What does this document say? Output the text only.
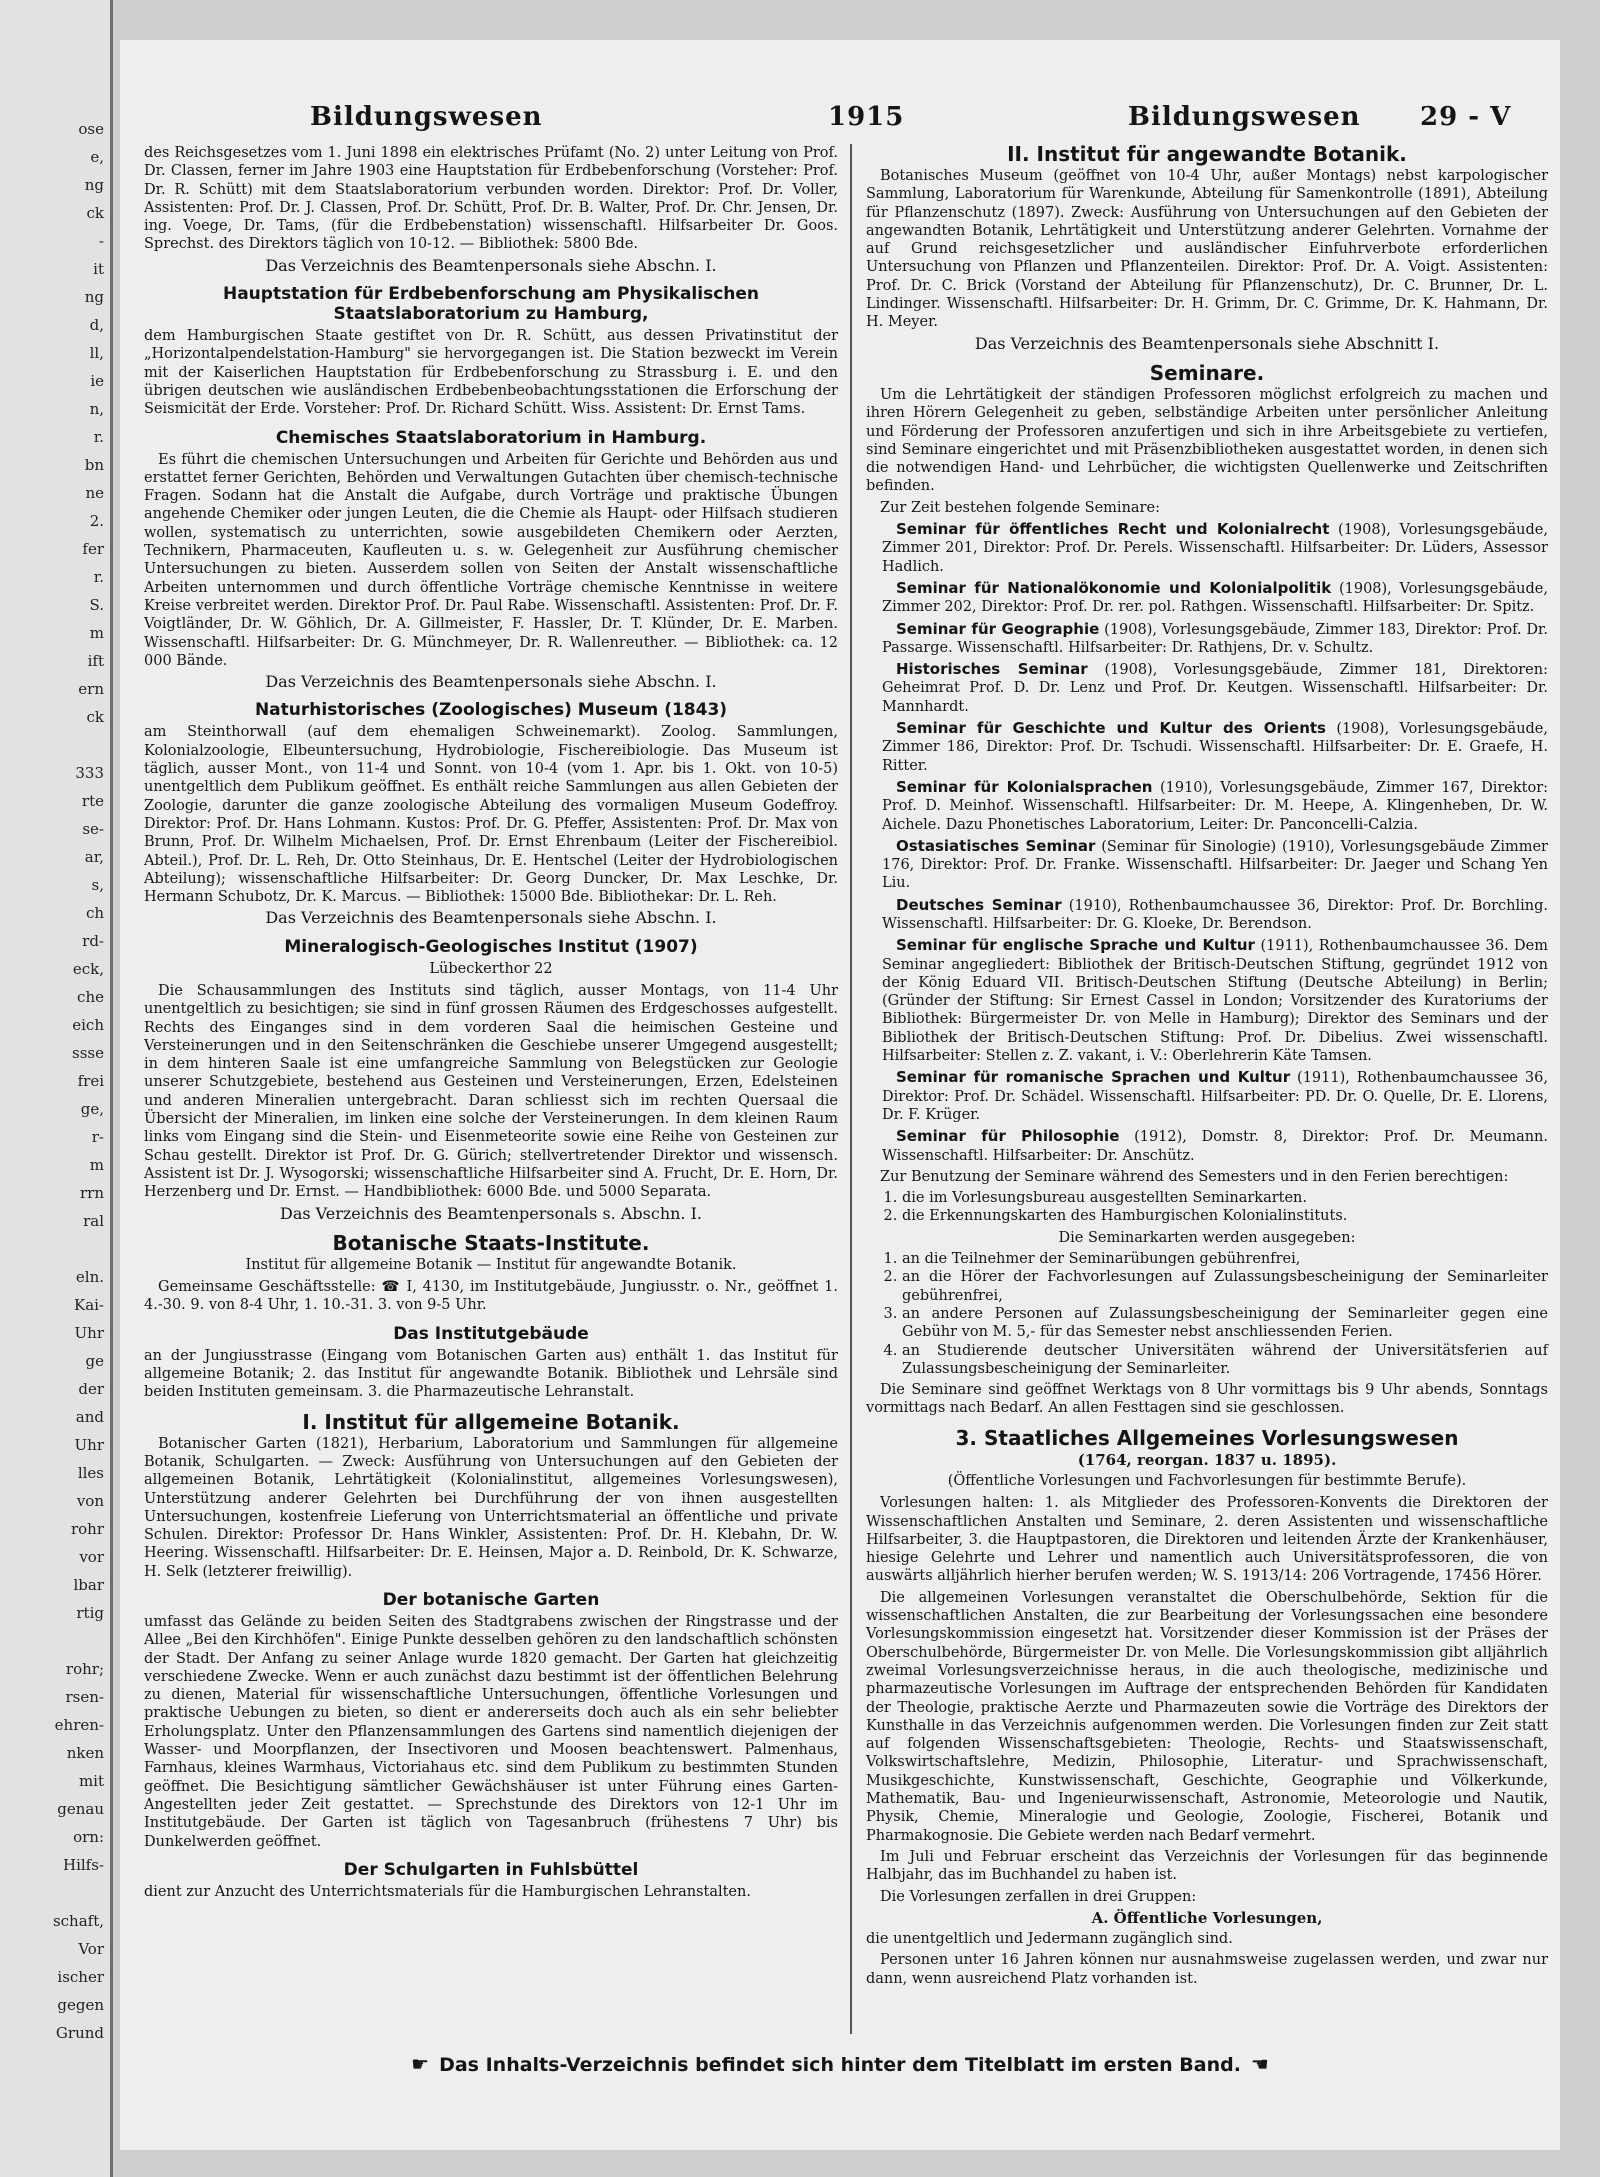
ose
e,
ng
ck
-
it
ng
d,
ll,
ie
n,
r.
bn
ne
2.
fer
r.
S.
m
ift
ern
ck
333
rte
se-
ar,
s,
ch
rd-
eck,
che
eich
ssse
frei
ge,
r-
m
rrn
ral
eln.
Kai-
Uhr
ge
der
and
Uhr
lles
von
rohr
vor
lbar
rtig
rohr;
rsen-
ehren-
nken
mit
genau
orn:
Hilfs-
schaft,
Vor
ischer
gegen
Grund
Bildungswesen	1915	Bildungswesen 29 - V

des Reichsgesetzes vom 1. Juni 1898 ein elektrisches Prüfamt (No. 2) unter Leitung von Prof. Dr. Classen, ferner im Jahre 1903 eine Hauptstation für Erdbebenforschung (Vorsteher: Prof. Dr. R. Schütt) mit dem Staatslaboratorium verbunden worden. Direktor: Prof. Dr. Voller, Assistenten: Prof. Dr. J. Classen, Prof. Dr. Schütt, Prof. Dr. B. Walter, Prof. Dr. Chr. Jensen, Dr. ing. Voege, Dr. Tams, (für die Erdbebenstation) wissenschaftl. Hilfsarbeiter Dr. Goos. Sprechst. des Direktors täglich von 10-12. — Bibliothek: 5800 Bde.

Das Verzeichnis des Beamtenpersonals siehe Abschn. I.

Hauptstation für Erdbebenforschung am Physikalischen Staatslaboratorium zu Hamburg,

dem Hamburgischen Staate gestiftet von Dr. R. Schütt, aus dessen Privatinstitut der „Horizontalpendelstation-Hamburg" sie hervorgegangen ist. Die Station bezweckt im Verein mit der Kaiserlichen Hauptstation für Erdbebenforschung zu Strassburg i. E. und den übrigen deutschen wie ausländischen Erdbebenbeobachtungsstationen die Erforschung der Seismicität der Erde. Vorsteher: Prof. Dr. Richard Schütt. Wiss. Assistent: Dr. Ernst Tams.

Chemisches Staatslaboratorium in Hamburg.

Es führt die chemischen Untersuchungen und Arbeiten für Gerichte und Behörden aus und erstattet ferner Gerichten, Behörden und Verwaltungen Gutachten über chemisch-technische Fragen. Sodann hat die Anstalt die Aufgabe, durch Vorträge und praktische Übungen angehende Chemiker oder jungen Leuten, die die Chemie als Haupt- oder Hilfsach studieren wollen, systematisch zu unterrichten, sowie ausgebildeten Chemikern oder Aerzten, Technikern, Pharmaceuten, Kaufleuten u. s. w. Gelegenheit zur Ausführung chemischer Untersuchungen zu bieten. Ausserdem sollen von Seiten der Anstalt wissenschaftliche Arbeiten unternommen und durch öffentliche Vorträge chemische Kenntnisse in weitere Kreise verbreitet werden. Direktor Prof. Dr. Paul Rabe. Wissenschaftl. Assistenten: Prof. Dr. F. Voigtländer, Dr. W. Göhlich, Dr. A. Gillmeister, F. Hassler, Dr. T. Klünder, Dr. E. Marben. Wissenschaftl. Hilfsarbeiter: Dr. G. Münchmeyer, Dr. R. Wallenreuther. — Bibliothek: ca. 12 000 Bände.

Das Verzeichnis des Beamtenpersonals siehe Abschn. I.

Naturhistorisches (Zoologisches) Museum (1843)

am Steinthorwall (auf dem ehemaligen Schweinemarkt). Zoolog. Sammlungen, Kolonialzoologie, Elbeuntersuchung, Hydrobiologie, Fischereibiologie. Das Museum ist täglich, ausser Mont., von 11-4 und Sonnt. von 10-4 (vom 1. Apr. bis 1. Okt. von 10-5) unentgeltlich dem Publikum geöffnet. Es enthält reiche Sammlungen aus allen Gebieten der Zoologie, darunter die ganze zoologische Abteilung des vormaligen Museum Godeffroy. Direktor: Prof. Dr. Hans Lohmann. Kustos: Prof. Dr. G. Pfeffer, Assistenten: Prof. Dr. Max von Brunn, Prof. Dr. Wilhelm Michaelsen, Prof. Dr. Ernst Ehrenbaum (Leiter der Fischereibiol. Abteil.), Prof. Dr. L. Reh, Dr. Otto Steinhaus, Dr. E. Hentschel (Leiter der Hydrobiologischen Abteilung); wissenschaftliche Hilfsarbeiter: Dr. Georg Duncker, Dr. Max Leschke, Dr. Hermann Schubotz, Dr. K. Marcus. — Bibliothek: 15000 Bde. Bibliothekar: Dr. L. Reh.

Das Verzeichnis des Beamtenpersonals siehe Abschn. I.

Mineralogisch-Geologisches Institut (1907)
Lübeckerthor 22

Die Schausammlungen des Instituts sind täglich, ausser Montags, von 11-4 Uhr unentgeltlich zu besichtigen; sie sind in fünf grossen Räumen des Erdgeschosses aufgestellt. Rechts des Einganges sind in dem vorderen Saal die heimischen Gesteine und Versteinerungen und in den Seitenschränken die Geschiebe unserer Umgegend ausgestellt; in dem hinteren Saale ist eine umfangreiche Sammlung von Belegstücken zur Geologie unserer Schutzgebiete, bestehend aus Gesteinen und Versteinerungen, Erzen, Edelsteinen und anderen Mineralien untergebracht. Daran schliesst sich im rechten Quersaal die Übersicht der Mineralien, im linken eine solche der Versteinerungen. In dem kleinen Raum links vom Eingang sind die Stein- und Eisenmeteorite sowie eine Reihe von Gesteinen zur Schau gestellt. Direktor ist Prof. Dr. G. Gürich; stellvertretender Direktor und wissensch. Assistent ist Dr. J. Wysogorski; wissenschaftliche Hilfsarbeiter sind A. Frucht, Dr. E. Horn, Dr. Herzenberg und Dr. Ernst. — Handbibliothek: 6000 Bde. und 5000 Separata.

Das Verzeichnis des Beamtenpersonals s. Abschn. I.

Botanische Staats-Institute.
Institut für allgemeine Botanik — Institut für angewandte Botanik.

Gemeinsame Geschäftsstelle: ☎ I, 4130, im Institutgebäude, Jungiusstr. o. Nr., geöffnet 1. 4.-30. 9. von 8-4 Uhr, 1. 10.-31. 3. von 9-5 Uhr.

Das Institutgebäude

an der Jungiusstrasse (Eingang vom Botanischen Garten aus) enthält 1. das Institut für allgemeine Botanik; 2. das Institut für angewandte Botanik. Bibliothek und Lehrsäle sind beiden Instituten gemeinsam. 3. die Pharmazeutische Lehranstalt.

I. Institut für allgemeine Botanik.

Botanischer Garten (1821), Herbarium, Laboratorium und Sammlungen für allgemeine Botanik, Schulgarten. — Zweck: Ausführung von Untersuchungen auf den Gebieten der allgemeinen Botanik, Lehrtätigkeit (Kolonialinstitut, allgemeines Vorlesungswesen), Unterstützung anderer Gelehrten bei Durchführung der von ihnen ausgestellten Untersuchungen, kostenfreie Lieferung von Unterrichtsmaterial an öffentliche und private Schulen. Direktor: Professor Dr. Hans Winkler, Assistenten: Prof. Dr. H. Klebahn, Dr. W. Heering. Wissenschaftl. Hilfsarbeiter: Dr. E. Heinsen, Major a. D. Reinbold, Dr. K. Schwarze, H. Selk (letzterer freiwillig).

Der botanische Garten

umfasst das Gelände zu beiden Seiten des Stadtgrabens zwischen der Ringstrasse und der Allee „Bei den Kirchhöfen". Einige Punkte desselben gehören zu den landschaftlich schönsten der Stadt. Der Anfang zu seiner Anlage wurde 1820 gemacht. Der Garten hat gleichzeitig verschiedene Zwecke. Wenn er auch zunächst dazu bestimmt ist der öffentlichen Belehrung zu dienen, Material für wissenschaftliche Untersuchungen, öffentliche Vorlesungen und praktische Uebungen zu bieten, so dient er andererseits doch auch als ein sehr beliebter Erholungsplatz. Unter den Pflanzensammlungen des Gartens sind namentlich diejenigen der Wasser- und Moorpflanzen, der Insectivoren und Moosen beachtenswert. Palmenhaus, Farnhaus, kleines Warmhaus, Victoriahaus etc. sind dem Publikum zu bestimmten Stunden geöffnet. Die Besichtigung sämtlicher Gewächshäuser ist unter Führung eines Garten-Angestellten jeder Zeit gestattet. — Sprechstunde des Direktors von 12-1 Uhr im Institutgebäude. Der Garten ist täglich von Tagesanbruch (frühestens 7 Uhr) bis Dunkelwerden geöffnet.

Der Schulgarten in Fuhlsbüttel

dient zur Anzucht des Unterrichtsmaterials für die Hamburgischen Lehranstalten.

II. Institut für angewandte Botanik.

Botanisches Museum (geöffnet von 10-4 Uhr, außer Montags) nebst karpologischer Sammlung, Laboratorium für Warenkunde, Abteilung für Samenkontrolle (1891), Abteilung für Pflanzenschutz (1897). Zweck: Ausführung von Untersuchungen auf den Gebieten der angewandten Botanik, Lehrtätigkeit und Unterstützung anderer Gelehrten. Vornahme der auf Grund reichsgesetzlicher und ausländischer Einfuhrverbote erforderlichen Untersuchung von Pflanzen und Pflanzenteilen. Direktor: Prof. Dr. A. Voigt. Assistenten: Prof. Dr. C. Brick (Vorstand der Abteilung für Pflanzenschutz), Dr. C. Brunner, Dr. L. Lindinger. Wissenschaftl. Hilfsarbeiter: Dr. H. Grimm, Dr. C. Grimme, Dr. K. Hahmann, Dr. H. Meyer.

Das Verzeichnis des Beamtenpersonals siehe Abschnitt I.

Seminare.

Um die Lehrtätigkeit der ständigen Professoren möglichst erfolgreich zu machen und ihren Hörern Gelegenheit zu geben, selbständige Arbeiten unter persönlicher Anleitung und Förderung der Professoren anzufertigen und sich in ihre Arbeitsgebiete zu vertiefen, sind Seminare eingerichtet und mit Präsenzbibliotheken ausgestattet worden, in denen sich die notwendigen Hand- und Lehrbücher, die wichtigsten Quellenwerke und Zeitschriften befinden.

Zur Zeit bestehen folgende Seminare:

Seminar für öffentliches Recht und Kolonialrecht (1908), Vorlesungsgebäude, Zimmer 201, Direktor: Prof. Dr. Perels. Wissenschaftl. Hilfsarbeiter: Dr. Lüders, Assessor Hadlich.

Seminar für Nationalökonomie und Kolonialpolitik (1908), Vorlesungsgebäude, Zimmer 202, Direktor: Prof. Dr. rer. pol. Rathgen. Wissenschaftl. Hilfsarbeiter: Dr. Spitz.

Seminar für Geographie (1908), Vorlesungsgebäude, Zimmer 183, Direktor: Prof. Dr. Passarge. Wissenschaftl. Hilfsarbeiter: Dr. Rathjens, Dr. v. Schultz.

Historisches Seminar (1908), Vorlesungsgebäude, Zimmer 181, Direktoren: Geheimrat Prof. D. Dr. Lenz und Prof. Dr. Keutgen. Wissenschaftl. Hilfsarbeiter: Dr. Mannhardt.

Seminar für Geschichte und Kultur des Orients (1908), Vorlesungsgebäude, Zimmer 186, Direktor: Prof. Dr. Tschudi. Wissenschaftl. Hilfsarbeiter: Dr. E. Graefe, H. Ritter.

Seminar für Kolonialsprachen (1910), Vorlesungsgebäude, Zimmer 167, Direktor: Prof. D. Meinhof. Wissenschaftl. Hilfsarbeiter: Dr. M. Heepe, A. Klingenheben, Dr. W. Aichele. Dazu Phonetisches Laboratorium, Leiter: Dr. Panconcelli-Calzia.

Ostasiatisches Seminar (Seminar für Sinologie) (1910), Vorlesungsgebäude Zimmer 176, Direktor: Prof. Dr. Franke. Wissenschaftl. Hilfsarbeiter: Dr. Jaeger und Schang Yen Liu.

Deutsches Seminar (1910), Rothenbaumchaussee 36, Direktor: Prof. Dr. Borchling. Wissenschaftl. Hilfsarbeiter: Dr. G. Kloeke, Dr. Berendson.

Seminar für englische Sprache und Kultur (1911), Rothenbaumchaussee 36. Dem Seminar angegliedert: Bibliothek der Britisch-Deutschen Stiftung, gegründet 1912 von der König Eduard VII. Britisch-Deutschen Stiftung (Deutsche Abteilung) in Berlin; (Gründer der Stiftung: Sir Ernest Cassel in London; Vorsitzender des Kuratoriums der Bibliothek: Bürgermeister Dr. von Melle in Hamburg); Direktor des Seminars und der Bibliothek der Britisch-Deutschen Stiftung: Prof. Dr. Dibelius. Zwei wissenschaftl. Hilfsarbeiter: Stellen z. Z. vakant, i. V.: Oberlehrerin Käte Tamsen.

Seminar für romanische Sprachen und Kultur (1911), Rothenbaumchaussee 36, Direktor: Prof. Dr. Schädel. Wissenschaftl. Hilfsarbeiter: PD. Dr. O. Quelle, Dr. E. Llorens, Dr. F. Krüger.

Seminar für Philosophie (1912), Domstr. 8, Direktor: Prof. Dr. Meumann. Wissenschaftl. Hilfsarbeiter: Dr. Anschütz.

Zur Benutzung der Seminare während des Semesters und in den Ferien berechtigen:

1. die im Vorlesungsbureau ausgestellten Seminarkarten.
2. die Erkennungskarten des Hamburgischen Kolonialinstituts.

Die Seminarkarten werden ausgegeben:

1. an die Teilnehmer der Seminarübungen gebührenfrei,
2. an die Hörer der Fachvorlesungen auf Zulassungsbescheinigung der Seminarleiter gebührenfrei,
3. an andere Personen auf Zulassungsbescheinigung der Seminarleiter gegen eine Gebühr von M. 5,- für das Semester nebst anschliessenden Ferien.
4. an Studierende deutscher Universitäten während der Universitätsferien auf Zulassungsbescheinigung der Seminarleiter.

Die Seminare sind geöffnet Werktags von 8 Uhr vormittags bis 9 Uhr abends, Sonntags vormittags nach Bedarf. An allen Festtagen sind sie geschlossen.

3. Staatliches Allgemeines Vorlesungswesen
(1764, reorgan. 1837 u. 1895).
(Öffentliche Vorlesungen und Fachvorlesungen für bestimmte Berufe).

Vorlesungen halten: 1. als Mitglieder des Professoren-Konvents die Direktoren der Wissenschaftlichen Anstalten und Seminare, 2. deren Assistenten und wissenschaftliche Hilfsarbeiter, 3. die Hauptpastoren, die Direktoren und leitenden Ärzte der Krankenhäuser, hiesige Gelehrte und Lehrer und namentlich auch Universitätsprofessoren, die von auswärts alljährlich hierher berufen werden; W. S. 1913/14: 206 Vortragende, 17456 Hörer.

Die allgemeinen Vorlesungen veranstaltet die Oberschulbehörde, Sektion für die wissenschaftlichen Anstalten, die zur Bearbeitung der Vorlesungssachen eine besondere Vorlesungskommission eingesetzt hat. Vorsitzender dieser Kommission ist der Präses der Oberschulbehörde, Bürgermeister Dr. von Melle. Die Vorlesungskommission gibt alljährlich zweimal Vorlesungsverzeichnisse heraus, in die auch theologische, medizinische und pharmazeutische Vorlesungen im Auftrage der entsprechenden Behörden für Kandidaten der Theologie, praktische Aerzte und Pharmazeuten sowie die Vorträge des Direktors der Kunsthalle in das Verzeichnis aufgenommen werden. Die Vorlesungen finden zur Zeit statt auf folgenden Wissenschaftsgebieten: Theologie, Rechts- und Staatswissenschaft, Volkswirtschaftslehre, Medizin, Philosophie, Literatur- und Sprachwissenschaft, Musikgeschichte, Kunstwissenschaft, Geschichte, Geographie und Völkerkunde, Mathematik, Bau- und Ingenieurwissenschaft, Astronomie, Meteorologie und Nautik, Physik, Chemie, Mineralogie und Geologie, Zoologie, Fischerei, Botanik und Pharmakognosie. Die Gebiete werden nach Bedarf vermehrt.

Im Juli und Februar erscheint das Verzeichnis der Vorlesungen für das beginnende Halbjahr, das im Buchhandel zu haben ist.

Die Vorlesungen zerfallen in drei Gruppen:

A. Öffentliche Vorlesungen,

die unentgeltlich und Jedermann zugänglich sind.

Personen unter 16 Jahren können nur ausnahmsweise zugelassen werden, und zwar nur dann, wenn ausreichend Platz vorhanden ist.

☛ Das Inhalts-Verzeichnis befindet sich hinter dem Titelblatt im ersten Band. ☚
